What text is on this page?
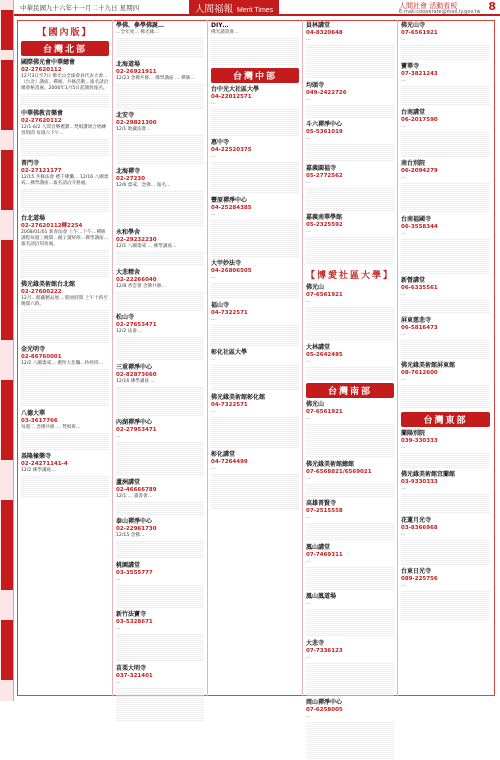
中華民國九十六年十一月二十九日 星期四	人間福報 Merit Times
人間社會 活動看板
E-mail:cooperate@mail.ly.gov.tw 8
【國內版】
台灣北部
國際佛光會中華總會
02-27620112
12月3日至7日 佛光山全球會員代表大會…（台北）講座、禪修、共修活動…報名請洽總會秘書處。2006年1月5日起開放報名。
中華佛教音樂會
02-27620112
12/1-6/2 人間音樂禮讚…梵唄讚頌合唱練習時間 每週六下午…
普門寺
02-27121177
12/15 共修法會 禮千佛懺… 12/16 八關齋戒…佛學講座…報名請洽寺務處。
台北道場
02-27620112轉2254
2008/01/01 新春法會 上午…下午…禪修課程每週三晚間…親子讀經班…佛學講座…報名請洽知客處。
佛光緣美術館台北館
02-27600222
12月…館藏精品展… 開放時間 上午十時至晚間六時。
金光明寺
02-86760001
12/2 八關齋戒… 禮拜大悲懺…抄經班…
八德大華
03-3617766
每週二 念佛共修 … 梵唄班…
基隆極樂寺
02-24271141-4
12/2 佛學講座…
學佛、參學佛誕…
…全年度… 佛光緣…
北海道場
02-26921911
12/23 念佛共修… 佛學講座 … 禪修…
北安寺
02-29821300
12/1 地藏法會…
北海禪寺
02-27230
12/6 齋戒、念佛… 報名…
永和學舍
02-29232230
12/1 八關齋戒 … 佛學講座…
大悲精舍
02-22266040
12/8 香雲會 念佛共修…
松山寺
02-27653471
12/2 法會…
三重禪淨中心
02-82873660
12/16 佛學講座 …
內湖禪淨中心
02-27953471
…
蘆洲講堂
02-46666789
12/1 … 讀書會…
泰山禪淨中心
02-22961730
12/15 念佛…
桃園講堂
03-3555777
…
新竹法寶寺
03-5328671
…
苗栗大明寺
037-321401
…
DIY…
佛光讀書會…
台灣中部
台中光大社區大學
04-22012571
…
惠中寺
04-22520375
…
豐原禪淨中心
04-25284385
…
大甲妙法寺
04-26806505
…
福山寺
04-7322571
…
彰化社區大學
…
佛光緣美術館彰化館
04-7322571
…
彰化講堂
04-7264499
…
員林講堂
04-8320648
…
均頭寺
049-2422726
…
斗六禪淨中心
05-5361019
…
嘉義圓福寺
05-2772562
…
嘉義南華學館
05-2325592
…
【博愛社區大學】
佛光山
07-6561921
…
大林講堂
05-2642485
…
台灣南部
佛光山
07-6561921
…
佛光緣美術館總館
07-6568821/6569021
…
高雄普賢寺
07-2515558
…
鳳山講堂
07-7469311
…
鳳山鳳道場
…
大悲寺
07-7336123
…
岡山禪淨中心
07-6258005
…
佛光山寺
07-6561921
…
寶華寺
07-3821243
…
台南講堂
06-2017590
…
南台別院
06-2094279
…
台南福國寺
06-3558344
…
新營講堂
06-6335561
…
屏東慈悲寺
06-5816473
…
佛光緣美術館屏東館
08-7612600
…
台灣東部
蘭陽別院
039-330333
…
佛光緣美術館宜蘭館
03-9330333
…
花蓮月光寺
03-8366968
…
台東日光寺
089-225756
…
